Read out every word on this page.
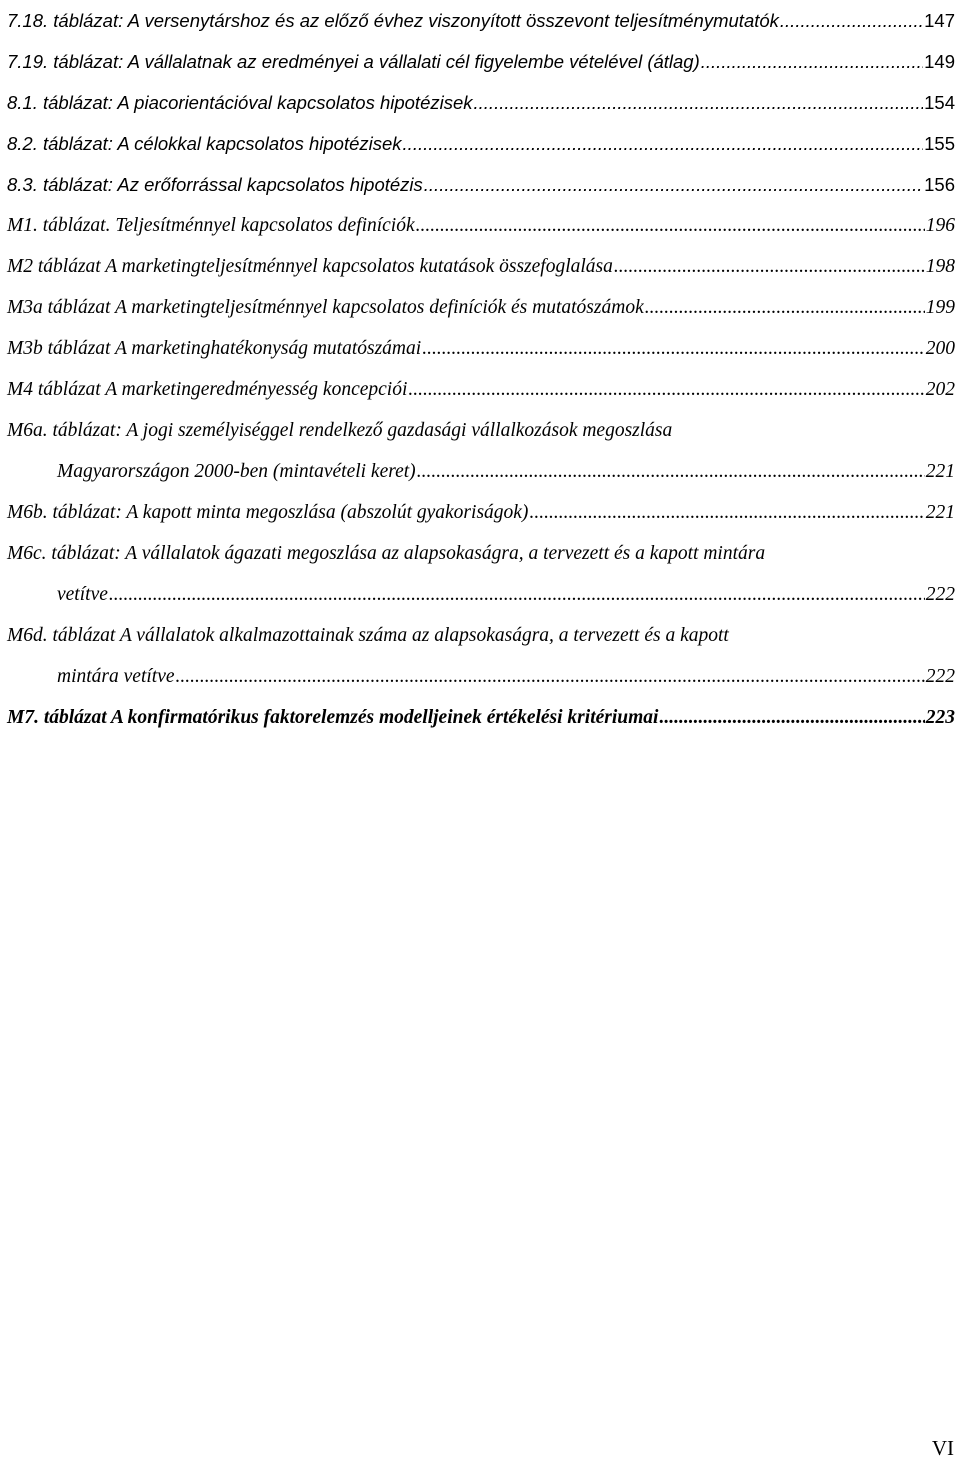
7.18. táblázat: A versenytárshoz és az előző évhez viszonyított összevont teljesítménymutatók .....	147
7.19. táblázat: A vállalatnak az eredményei a vállalati cél figyelembe vételével (átlag) .....	149
8.1. táblázat: A piacorientációval kapcsolatos hipotézisek .....	154
8.2. táblázat: A célokkal kapcsolatos hipotézisek .....	155
8.3. táblázat: Az erőforrással kapcsolatos hipotézis .....	156
M1. táblázat. Teljesítménnyel kapcsolatos definíciók .....	196
M2 táblázat A marketingteljesítménnyel kapcsolatos kutatások összefoglalása .....	198
M3a táblázat A marketingteljesítménnyel kapcsolatos definíciók és mutatószámok .....	199
M3b táblázat A marketinghatékonyság mutatószámai .....	200
M4 táblázat A marketingeredményesség koncepciói .....	202
M6a. táblázat: A jogi személyiséggel rendelkező gazdasági vállalkozások megoszlása
Magyarországon 2000-ben (mintavételi keret) .....	221
M6b. táblázat: A kapott minta megoszlása (abszolút gyakoriságok) .....	221
M6c. táblázat: A vállalatok ágazati megoszlása az alapsokaságra, a tervezett és a kapott mintára
vetítve .....	222
M6d. táblázat A vállalatok alkalmazottainak száma az alapsokaságra, a tervezett és a kapott
mintára vetítve .....	222
M7. táblázat A konfirmatórikus faktorelemzés modelljeinek értékelési kritériumai .....	223
VI
